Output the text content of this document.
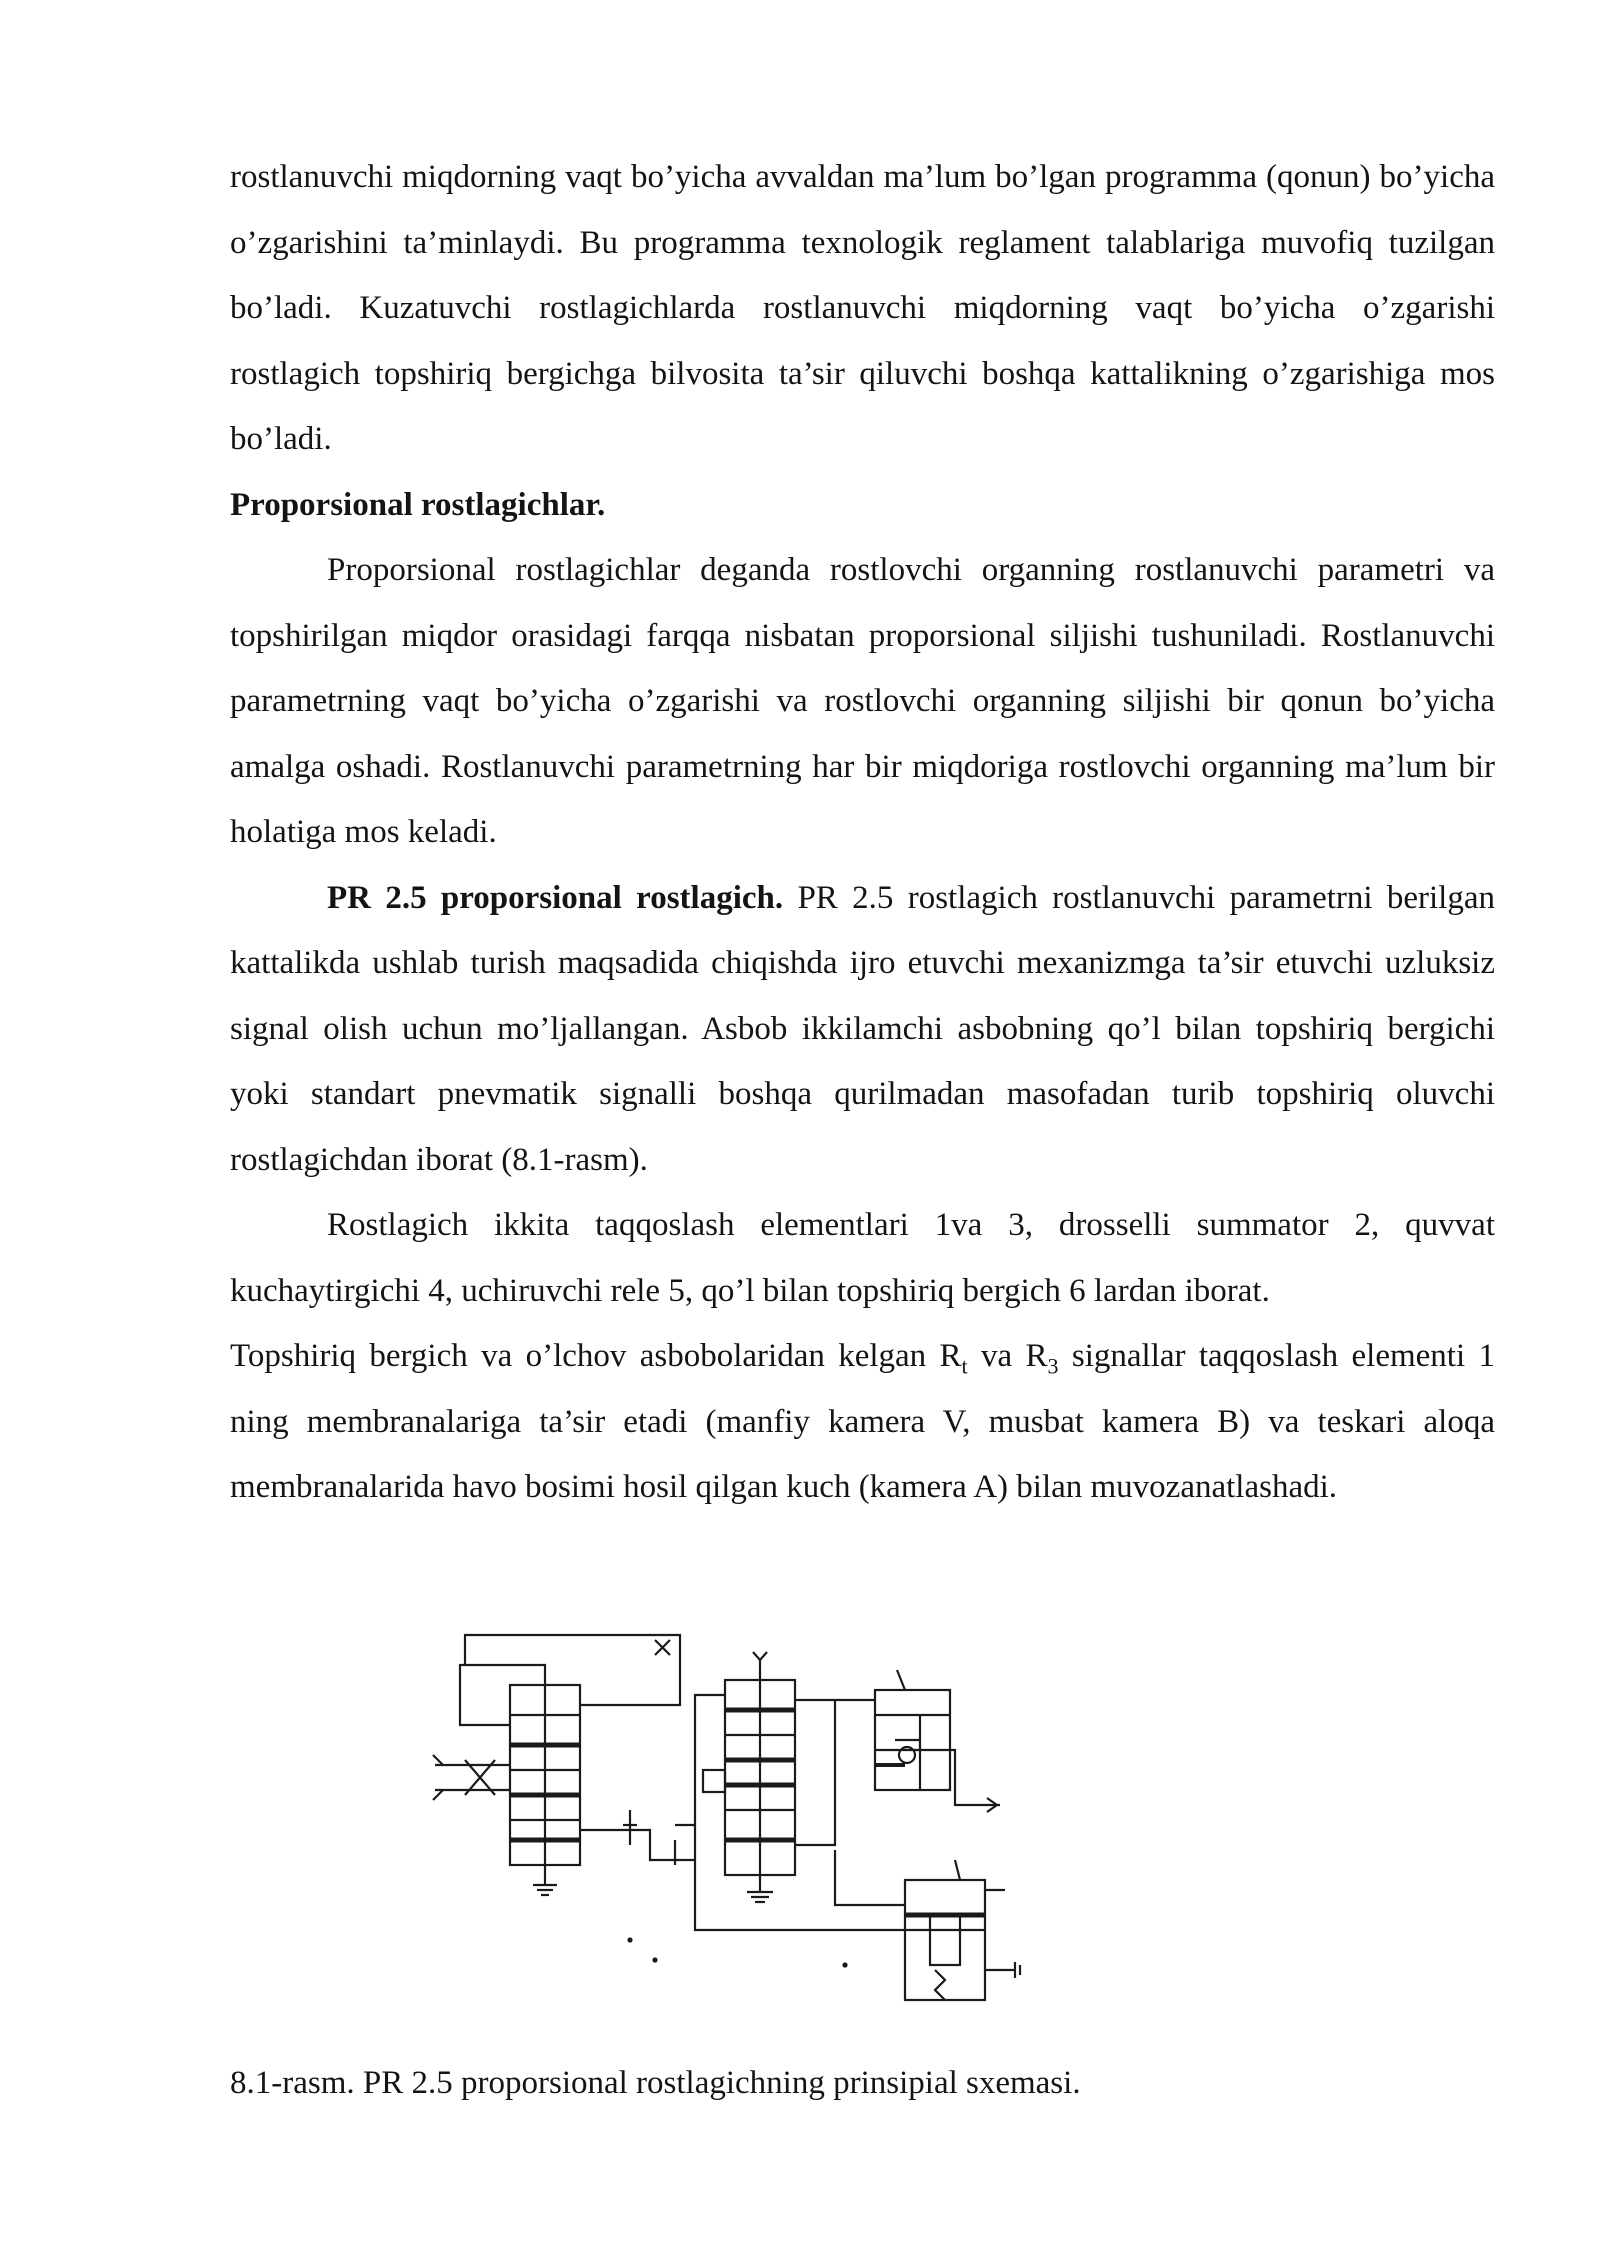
rostlanuvchi miqdorning vaqt bo’yicha avvaldan ma’lum bo’lgan programma (qonun) bo’yicha o’zgarishini ta’minlaydi. Bu programma texnologik reglament talablariga muvofiq tuzilgan bo’ladi. Kuzatuvchi rostlagichlarda rostlanuvchi miqdorning vaqt bo’yicha o’zgarishi rostlagich topshiriq bergichga bilvosita ta’sir qiluvchi boshqa kattalikning o’zgarishiga mos bo’ladi.

Proporsional rostlagichlar.

Proporsional rostlagichlar deganda rostlovchi organning rostlanuvchi parametri va topshirilgan miqdor orasidagi farqqa nisbatan proporsional siljishi tushuniladi. Rostlanuvchi parametrning vaqt bo’yicha o’zgarishi va rostlovchi organning siljishi bir qonun bo’yicha amalga oshadi. Rostlanuvchi parametrning har bir miqdoriga rostlovchi organning ma’lum bir holatiga mos keladi.

PR 2.5 proporsional rostlagich. PR 2.5 rostlagich rostlanuvchi parametrni berilgan kattalikda ushlab turish maqsadida chiqishda ijro etuvchi mexanizmga ta’sir etuvchi uzluksiz signal olish uchun mo’ljallangan. Asbob ikkilamchi asbobning qo’l bilan topshiriq bergichi yoki standart pnevmatik signalli boshqa qurilmadan masofadan turib topshiriq oluvchi rostlagichdan iborat (8.1-rasm).

Rostlagich ikkita taqqoslash elementlari 1va 3, drosselli summator 2, quvvat kuchaytirgichi 4, uchiruvchi rele 5, qo’l bilan topshiriq bergich 6 lardan iborat.

Topshiriq bergich va o’lchov asbobolaridan kelgan $R_t$ va $R_3$ signallar taqqoslash elementi 1 ning membranalariga ta’sir etadi (manfiy kamera V, musbat kamera B) va teskari aloqa membranalarida havo bosimi hosil qilgan kuch (kamera A) bilan muvozanatlashadi.

8.1-rasm. PR 2.5 proporsional rostlagichning prinsipial sxemasi.
